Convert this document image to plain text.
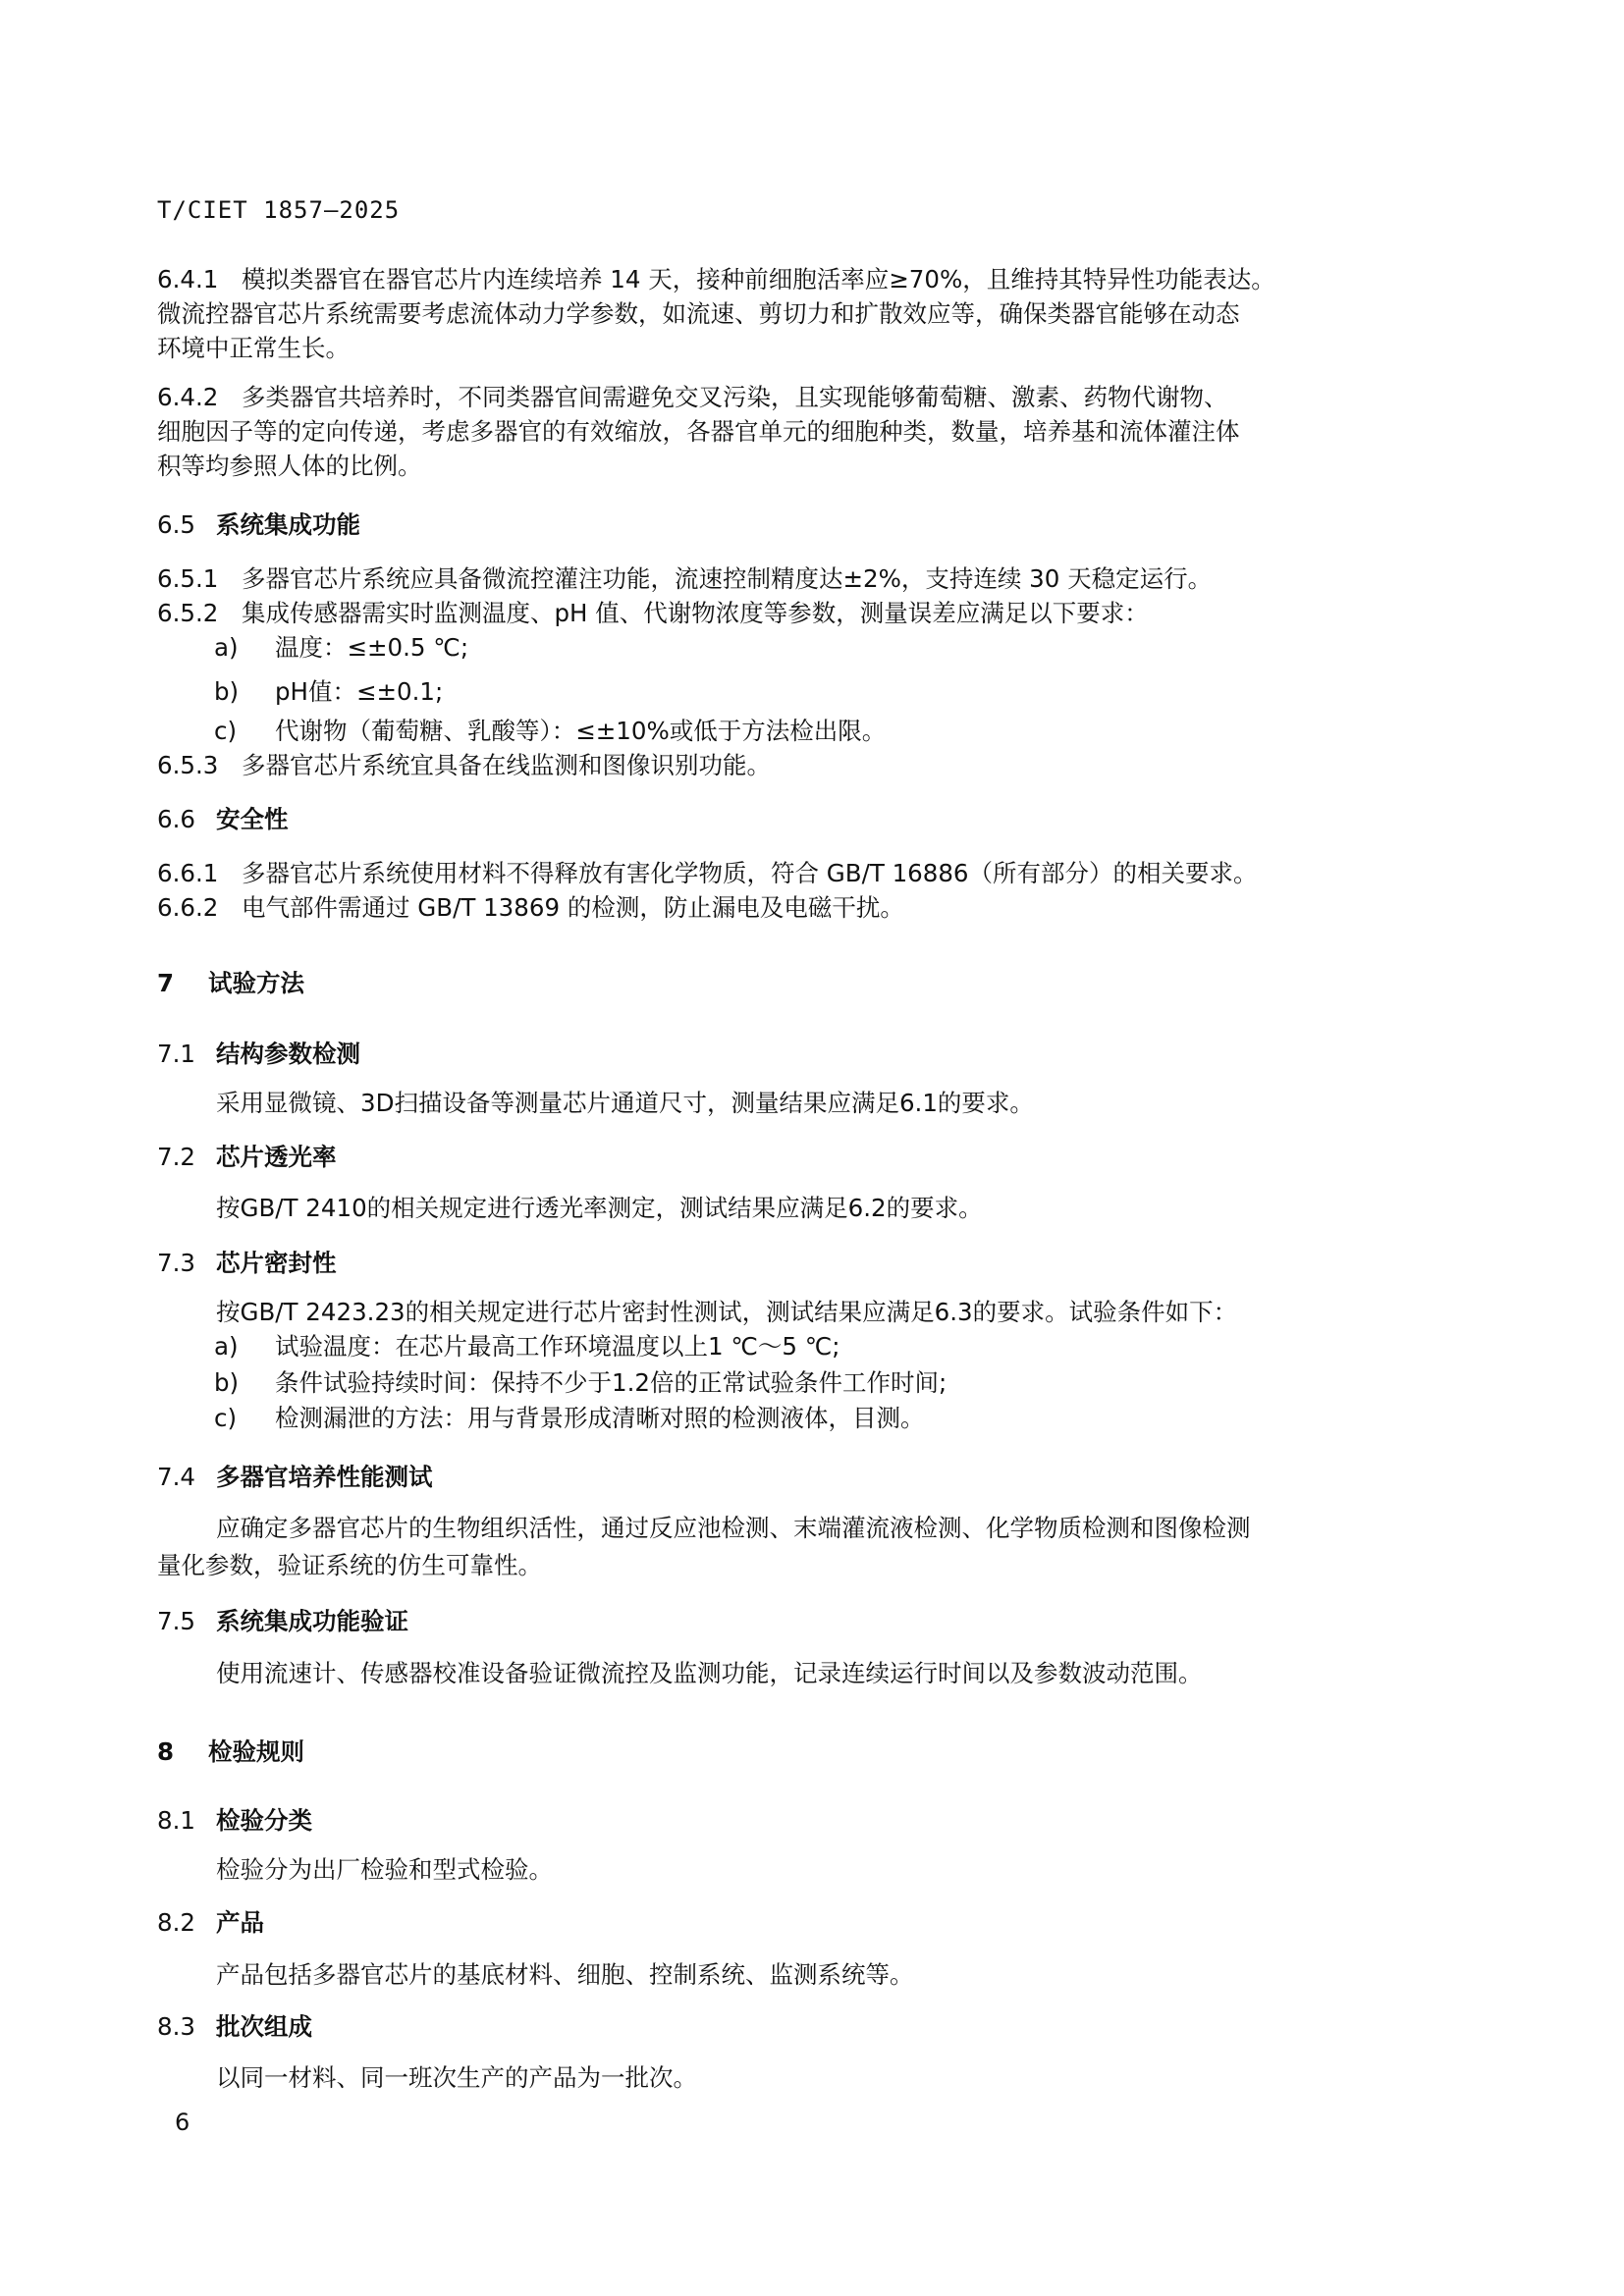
T/CIET 1857—2025
6.4.1 模拟类器官在器官芯片内连续培养 14 天，接种前细胞活率应≥70%，且维持其特异性功能表达。
微流控器官芯片系统需要考虑流体动力学参数，如流速、剪切力和扩散效应等，确保类器官能够在动态
环境中正常生长。
6.4.2 多类器官共培养时，不同类器官间需避免交叉污染，且实现能够葡萄糖、激素、药物代谢物、
细胞因子等的定向传递，考虑多器官的有效缩放，各器官单元的细胞种类，数量，培养基和流体灌注体
积等均参照人体的比例。
6.5 系统集成功能
6.5.1 多器官芯片系统应具备微流控灌注功能，流速控制精度达±2%，支持连续 30 天稳定运行。
6.5.2 集成传感器需实时监测温度、pH 值、代谢物浓度等参数，测量误差应满足以下要求：
a) 温度：≤±0.5 ℃;
b) pH值：≤±0.1;
c) 代谢物（葡萄糖、乳酸等）：≤±10%或低于方法检出限。
6.5.3 多器官芯片系统宜具备在线监测和图像识别功能。
6.6 安全性
6.6.1 多器官芯片系统使用材料不得释放有害化学物质，符合 GB/T 16886（所有部分）的相关要求。
6.6.2 电气部件需通过 GB/T 13869 的检测，防止漏电及电磁干扰。
7 试验方法
7.1 结构参数检测
采用显微镜、3D扫描设备等测量芯片通道尺寸，测量结果应满足6.1的要求。
7.2 芯片透光率
按GB/T 2410的相关规定进行透光率测定，测试结果应满足6.2的要求。
7.3 芯片密封性
按GB/T 2423.23的相关规定进行芯片密封性测试，测试结果应满足6.3的要求。试验条件如下：
a) 试验温度：在芯片最高工作环境温度以上1 ℃～5 ℃;
b) 条件试验持续时间：保持不少于1.2倍的正常试验条件工作时间;
c) 检测漏泄的方法：用与背景形成清晰对照的检测液体，目测。
7.4 多器官培养性能测试
应确定多器官芯片的生物组织活性，通过反应池检测、末端灌流液检测、化学物质检测和图像检测
量化参数，验证系统的仿生可靠性。
7.5 系统集成功能验证
使用流速计、传感器校准设备验证微流控及监测功能，记录连续运行时间以及参数波动范围。
8 检验规则
8.1 检验分类
检验分为出厂检验和型式检验。
8.2 产品
产品包括多器官芯片的基底材料、细胞、控制系统、监测系统等。
8.3 批次组成
以同一材料、同一班次生产的产品为一批次。
6
